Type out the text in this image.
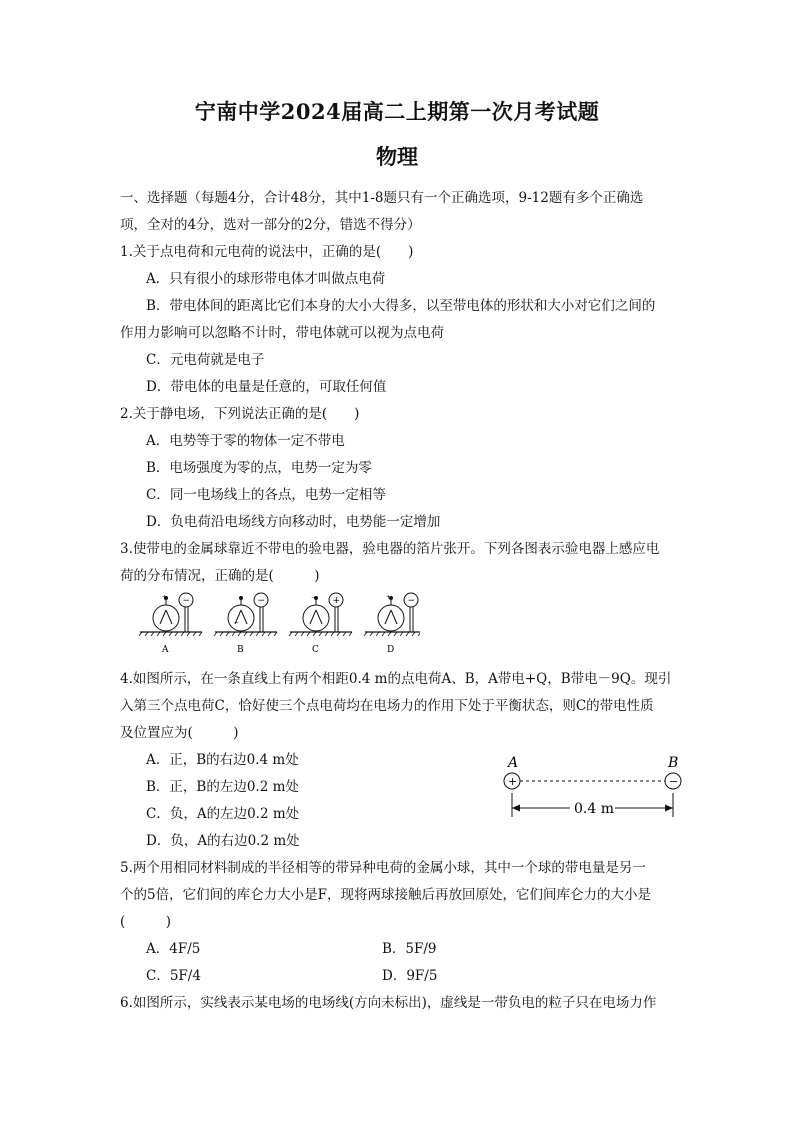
宁南中学2024届高二上期第一次月考试题
物理
一、选择题（每题4分，合计48分，其中1-8题只有一个正确选项，9-12题有多个正确选
项，全对的4分，选对一部分的2分，错选不得分）
1.关于点电荷和元电荷的说法中，正确的是(　　)
A．只有很小的球形带电体才叫做点电荷
B．带电体间的距离比它们本身的大小大得多，以至带电体的形状和大小对它们之间的
作用力影响可以忽略不计时，带电体就可以视为点电荷
C．元电荷就是电子
D．带电体的电量是任意的，可取任何值
2.关于静电场，下列说法正确的是(　　)
A．电势等于零的物体一定不带电
B．电场强度为零的点，电势一定为零
C．同一电场线上的各点，电势一定相等
D．负电荷沿电场线方向移动时，电势能一定增加
3.使带电的金属球靠近不带电的验电器，验电器的箔片张开。下列各图表示验电器上感应电
荷的分布情况，正确的是(　　　)
+ −
A
−
−
B
− +
C
+ −
D
4.如图所示，在一条直线上有两个相距0.4 m的点电荷A、B，A带电+Q，B带电－9Q。现引
入第三个点电荷C，恰好使三个点电荷均在电场力的作用下处于平衡状态，则C的带电性质
及位置应为(　　　)
A．正，B的右边0.4 m处
B．正，B的左边0.2 m处
C．负，A的左边0.2 m处
D．负，A的右边0.2 m处
5.两个用相同材料制成的半径相等的带异种电荷的金属小球，其中一个球的带电量是另一
个的5倍，它们间的库仑力大小是F，现将两球接触后再放回原处，它们间库仑力的大小是
(　　　)
A．4F/5	B．5F/9
C．5F/4	D．9F/5
6.如图所示，实线表示某电场的电场线(方向未标出)，虚线是一带负电的粒子只在电场力作
A	B
+	−
0.4 m
